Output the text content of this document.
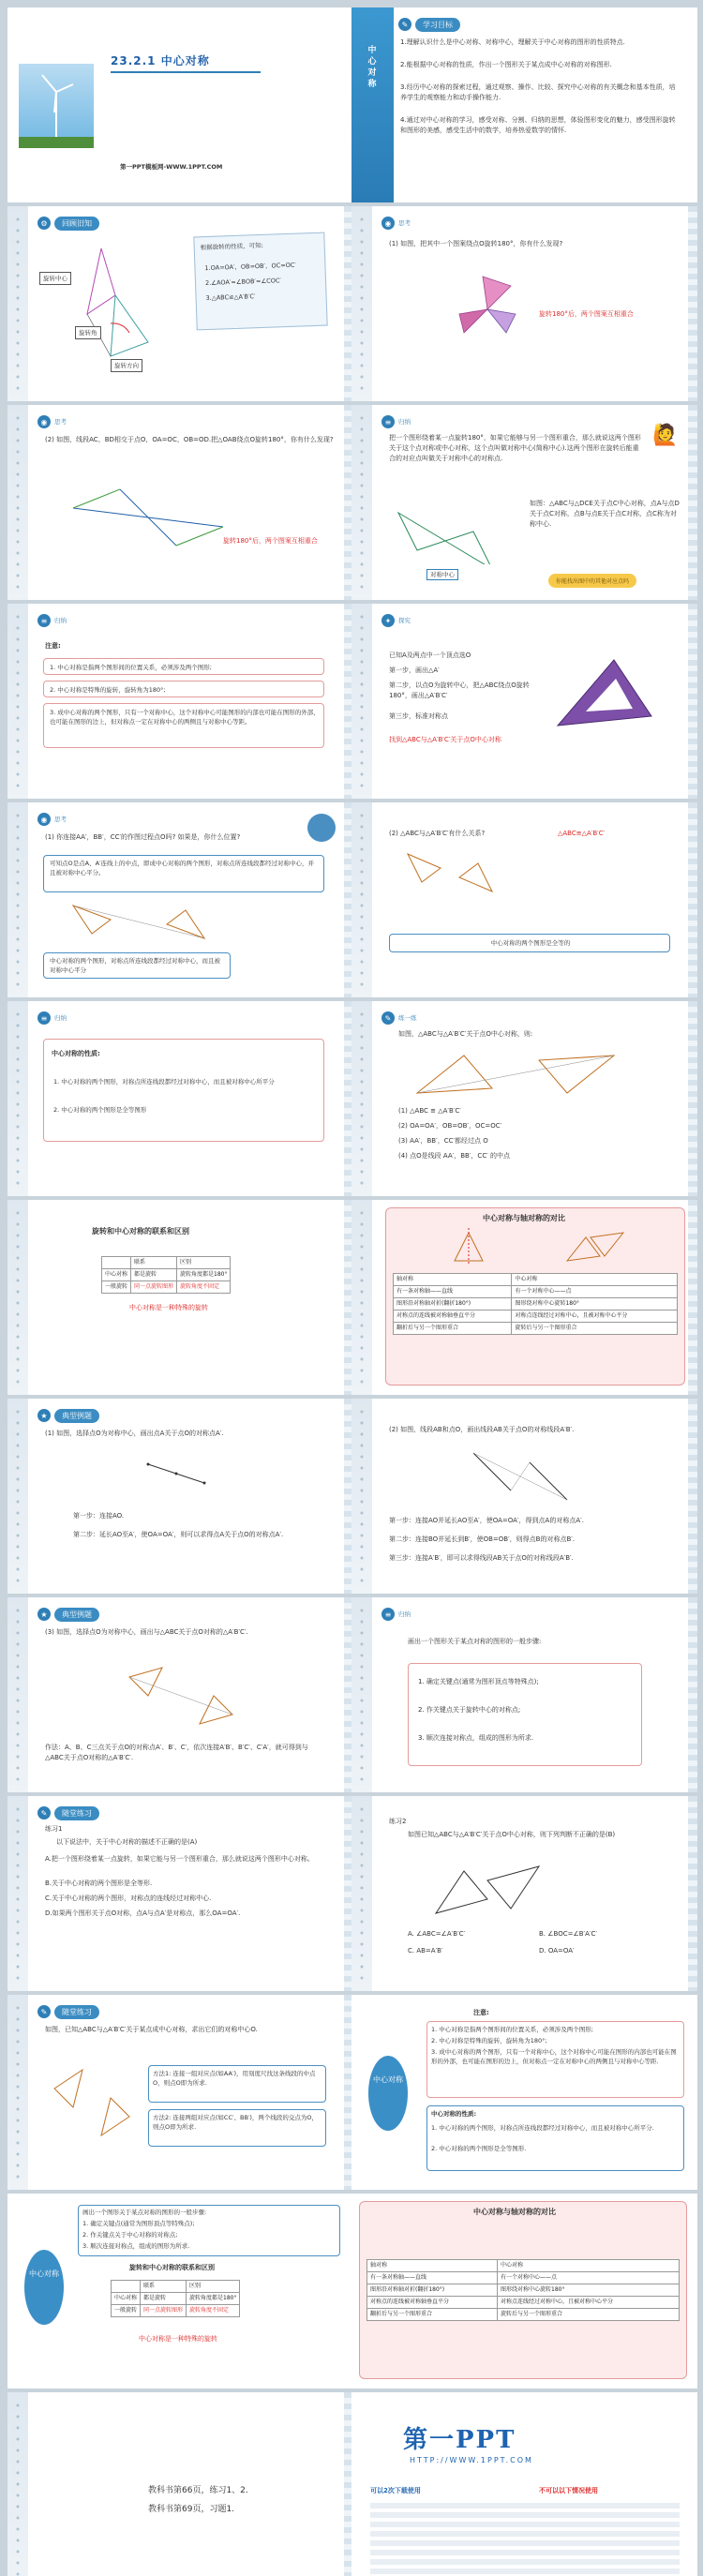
23.2.1 中心对称
第一PPT模板网-WWW.1PPT.COM
中心对称
✎	学习目标
1.理解认识什么是中心对称、对称中心，理解关于中心对称的图形的性质特点.
2.能根据中心对称的性质，作出一个图形关于某点成中心对称的对称图形.
3.经历中心对称的探索过程，通过观察、操作、比较、探究中心对称的有关概念和基本性质，培养学生的观察能力和动手操作能力.
4.通过对中心对称的学习，感受对称、分割、归纳的思想，体验图形变化的魅力，感受图形旋转和图形的美感，感受生活中的数学，培养热爱数学的情怀.
⚙	回顾旧知
旋转中心
旋转角
旋转方向
根据旋转的性质，可知:
1.OA=OA′，OB=OB′，OC=OC′
2.∠AOA′=∠BOB′=∠COC′
3.△ABC≌△A′B′C′
◉	思考
(1) 如图，把其中一个图案绕点O旋转180°，你有什么发现?
旋转180°后，两个图案互相重合
◉	思考
(2) 如图，线段AC，BD相交于点O，OA=OC，OB=OD.把△OAB绕点O旋转180°，你有什么发现?
旋转180°后，两个图案互相重合
≡	归纳
把一个图形绕着某一点旋转180°，如果它能够与另一个图形重合，那么就说这两个图形关于这个点对称或中心对称，这个点叫做对称中心(简称中心).这两个图形在旋转后能重合的对应点叫做关于对称中心的对称点.
🙋
对称中心
如图：△ABC与△DCE关于点C中心对称，点A与点D关于点C对称，点B与点E关于点C对称，点C称为对称中心.
你能找出图中的其他对应点吗
≡	归纳
注意:
1. 中心对称是指两个图形间的位置关系，必须涉及两个图形;
2. 中心对称是特殊的旋转，旋转角为180°;
3. 成中心对称的两个图形，只有一个对称中心，这个对称中心可能图形的内部也可能在图形的外部，也可能在图形的边上，但对称点一定在对称中心的两侧且与对称中心等距。
✦	探究
已知A及两点中一个顶点选O
第一步，画出△A′
第二步，以点O为旋转中心，把△ABC绕点O旋转180°，画出△A′B′C′
第三步，标准对称点
找到△ABC与△A′B′C′关于点O中心对称
◉	思考
(1) 你连接AA′，BB′，CC′的作图过程点O吗? 如果是，你什么位置?
可知点O是点A、A′连线上的中点，即成中心对称的两个图形，对称点所连线段都经过对称中心，并且被对称中心平分。
中心对称的两个图形，对称点所连线段都经过对称中心，而且被对称中心平分
(2) △ABC与△A′B′C′有什么关系?	△ABC≌△A′B′C′
中心对称的两个图形是全等的
≡	归纳
中心对称的性质:
1. 中心对称的两个图形，对称点所连线段都经过对称中心，而且被对称中心所平分
2. 中心对称的两个图形是全等图形
✎	练一练
如图，△ABC与△A′B′C′关于点O中心对称，则:
(1) △ABC ≌ △A′B′C′
(2) OA=OA′，OB=OB′，OC=OC′
(3) AA′，BB′，CC′都经过点 O
(4) 点O是线段 AA′，BB′，CC′ 的中点
旋转和中心对称的联系和区别
	联系	区别
中心对称	都是旋转	旋转角度都是180°
一般旋转	同一点旋转图形	旋转角度不固定
中心对称是一种特殊的旋转
中心对称与轴对称的对比
轴对称	中心对称
有一条对称轴——直线	有一个对称中心——点
图形沿对称轴对折(翻折180°)	图形绕对称中心旋转180°
对称点的连线被对称轴垂直平分	对称点连线经过对称中心，且被对称中心平分
翻折后与另一个图形重合	旋转后与另一个图形重合
★	典型例题
(1) 如图，选择点O为对称中心，画出点A关于点O的对称点A′.
第一步：连接AO.
第二步：延长AO至A′，使OA=OA′，则可以求得点A关于点O的对称点A′.
(2) 如图，线段AB和点O，画出线段AB关于点O的对称线段A′B′.
第一步：连接AO并延长AO至A′，使OA=OA′，得到点A的对称点A′.
第二步：连接BO并延长到B′，使OB=OB′，则得点B的对称点B′.
第三步：连接A′B′，即可以求得线段AB关于点O的对称线段A′B′.
★	典型例题
(3) 如图，选择点O为对称中心，画出与△ABC关于点O对称的△A′B′C′.
作法：A、B、C三点关于点O的对称点A′、B′、C′，依次连接A′B′、B′C′、C′A′，就可得到与△ABC关于点O对称的△A′B′C′.
≡	归纳
画出一个图形关于某点对称的图形的一般步骤:
1. 确定关键点(通常为图形顶点等特殊点);
2. 作关键点关于旋转中心的对称点;
3. 顺次连接对称点，组成的图形为所求.
✎	随堂练习
练习1
以下说法中，关于中心对称的描述不正确的是(A)
A.把一个图形绕着某一点旋转，如果它能与另一个图形重合，那么就说这两个图形中心对称。
B.关于中心对称的两个图形是全等形.
C.关于中心对称的两个图形，对称点的连线经过对称中心.
D.如果两个图形关于点O对称，点A与点A′是对称点，那么OA=OA′.
练习2
如图已知△ABC与△A′B′C′关于点O中心对称，则下列判断不正确的是(B)
A. ∠ABC=∠A′B′C′	B. ∠BOC=∠B′A′C′
C. AB=A′B′	D. OA=OA′
✎	随堂练习
如图，已知△ABC与△A′B′C′关于某点成中心对称，求出它们的对称中心O.
方法1: 连接一组对应点(如AA′)，用刻度尺找这条线段的中点O，则点O即为所求.
方法2: 连接两组对应点(如CC′、BB′)，两个线段的交点为O，则点O即为所求.
中心对称
注意:
1. 中心对称是指两个图形间的位置关系，必须涉及两个图形;
2. 中心对称是特殊的旋转，旋转角为180°;
3. 成中心对称的两个图形，只有一个对称中心，这个对称中心可能在图形的内部也可能在图形的外部，也可能在图形的边上，但对称点一定在对称中心的两侧且与对称中心等距.
中心对称的性质:
1. 中心对称的两个图形，对称点所连线段都经过对称中心，而且被对称中心所平分.
2. 中心对称的两个图形是全等图形.
中心对称
画出一个图形关于某点对称的图形的一般步骤:
1. 确定关键点(通常为图形顶点等特殊点);
2. 作关键点关于中心对称的对称点;
3. 顺次连接对称点，组成的图形为所求.
旋转和中心对称的联系和区别
	联系	区别
中心对称	都是旋转	旋转角度都是180°
一般旋转	同一点旋转图形	旋转角度不固定
中心对称是一种特殊的旋转
中心对称与轴对称的对比
轴对称	中心对称
有一条对称轴——直线	有一个对称中心——点
图形沿对称轴对折(翻折180°)	图形绕对称中心旋转180°
对称点的连线被对称轴垂直平分	对称点连线经过对称中心，且被对称中心平分
翻折后与另一个图形重合	旋转后与另一个图形重合
教科书第66页，练习1、2.
教科书第69页，习题1.
第一PPT
HTTP://WWW.1PPT.COM
可以2次下载使用	不可以以下情况使用
